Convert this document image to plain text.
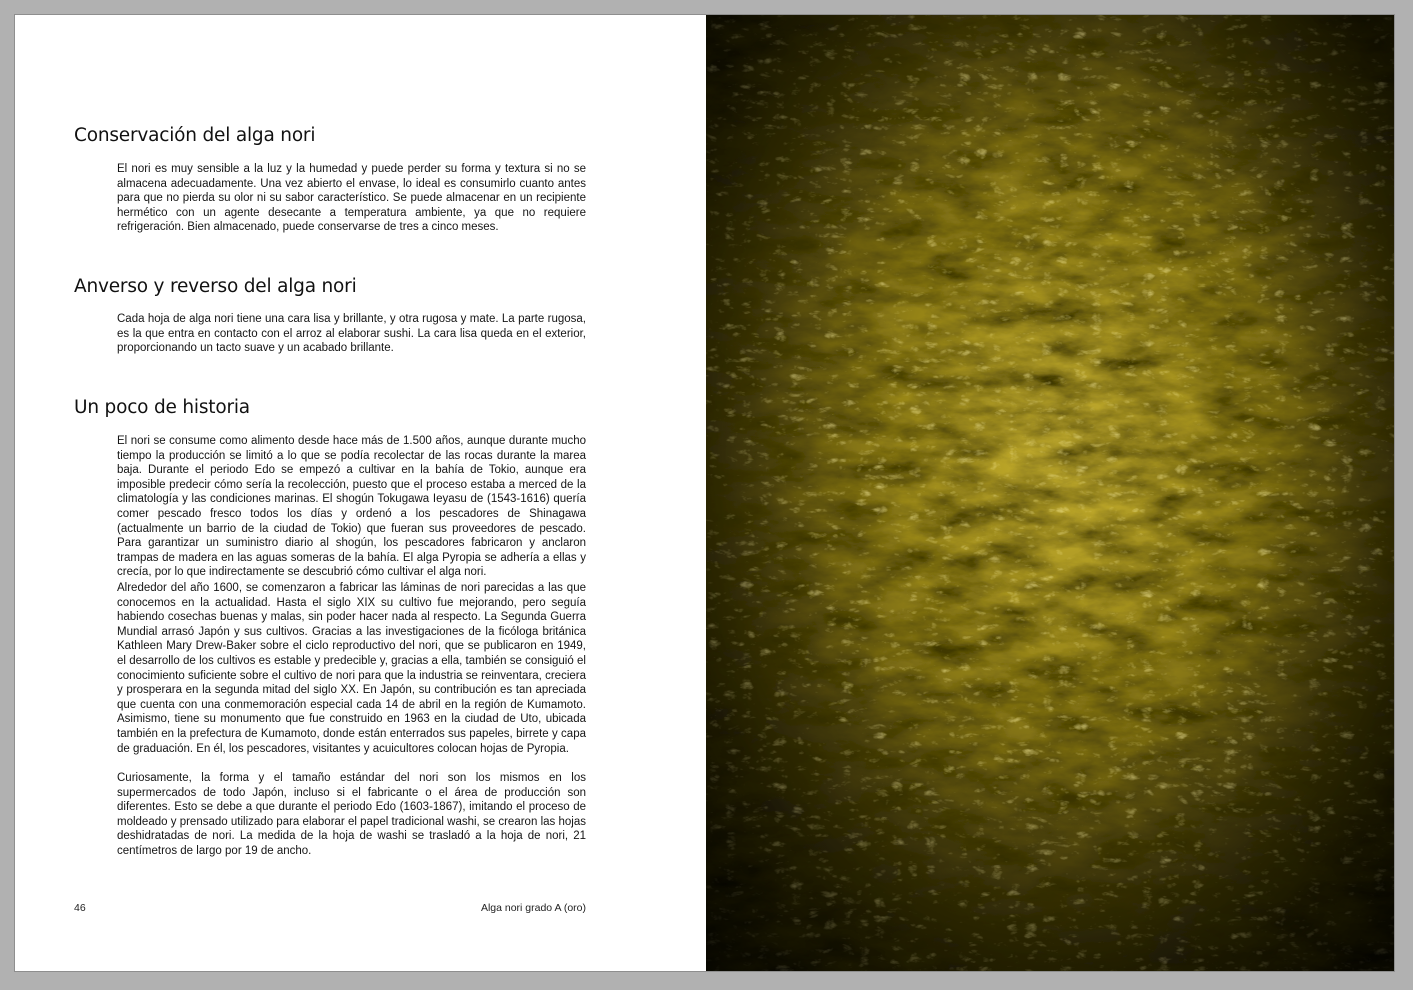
Conservación del alga nori

El nori es muy sensible a la luz y la humedad y puede perder su forma y textura si no se almacena adecuadamente. Una vez abierto el envase, lo ideal es consumirlo cuanto antes para que no pierda su olor ni su sabor característico. Se puede almacenar en un recipiente hermético con un agente desecante a temperatura ambiente, ya que no requiere refrigeración. Bien almacenado, puede conservarse de tres a cinco meses.

Anverso y reverso del alga nori

Cada hoja de alga nori tiene una cara lisa y brillante, y otra rugosa y mate. La parte rugosa, es la que entra en contacto con el arroz al elaborar sushi. La cara lisa queda en el exterior, proporcionando un tacto suave y un acabado brillante.

Un poco de historia

El nori se consume como alimento desde hace más de 1.500 años, aunque durante mucho tiempo la producción se limitó a lo que se podía recolectar de las rocas durante la marea baja. Durante el periodo Edo se empezó a cultivar en la bahía de Tokio, aunque era imposible predecir cómo sería la recolección, puesto que el proceso estaba a merced de la climatología y las condiciones marinas. El shogún Tokugawa Ieyasu de (1543-1616) quería comer pescado fresco todos los días y ordenó a los pescadores de Shinagawa (actualmente un barrio de la ciudad de Tokio) que fueran sus proveedores de pescado. Para garantizar un suministro diario al shogún, los pescadores fabricaron y anclaron trampas de madera en las aguas someras de la bahía. El alga Pyropia se adhería a ellas y crecía, por lo que indirectamente se descubrió cómo cultivar el alga nori.

Alrededor del año 1600, se comenzaron a fabricar las láminas de nori parecidas a las que conocemos en la actualidad. Hasta el siglo XIX su cultivo fue mejorando, pero seguía habiendo cosechas buenas y malas, sin poder hacer nada al respecto. La Segunda Guerra Mundial arrasó Japón y sus cultivos. Gracias a las investigaciones de la ficóloga británica Kathleen Mary Drew-Baker sobre el ciclo reproductivo del nori, que se publicaron en 1949, el desarrollo de los cultivos es estable y predecible y, gracias a ella, también se consiguió el conocimiento suficiente sobre el cultivo de nori para que la industria se reinventara, creciera y prosperara en la segunda mitad del siglo XX. En Japón, su contribución es tan apreciada que cuenta con una conmemoración especial cada 14 de abril en la región de Kumamoto. Asimismo, tiene su monumento que fue construido en 1963 en la ciudad de Uto, ubicada también en la prefectura de Kumamoto, donde están enterrados sus papeles, birrete y capa de graduación. En él, los pescadores, visitantes y acuicultores colocan hojas de Pyropia.

Curiosamente, la forma y el tamaño estándar del nori son los mismos en los supermercados de todo Japón, incluso si el fabricante o el área de producción son diferentes. Esto se debe a que durante el periodo Edo (1603-1867), imitando el proceso de moldeado y prensado utilizado para elaborar el papel tradicional washi, se crearon las hojas deshidratadas de nori. La medida de la hoja de washi se trasladó a la hoja de nori, 21 centímetros de largo por 19 de ancho.

46	Alga nori grado A (oro)
